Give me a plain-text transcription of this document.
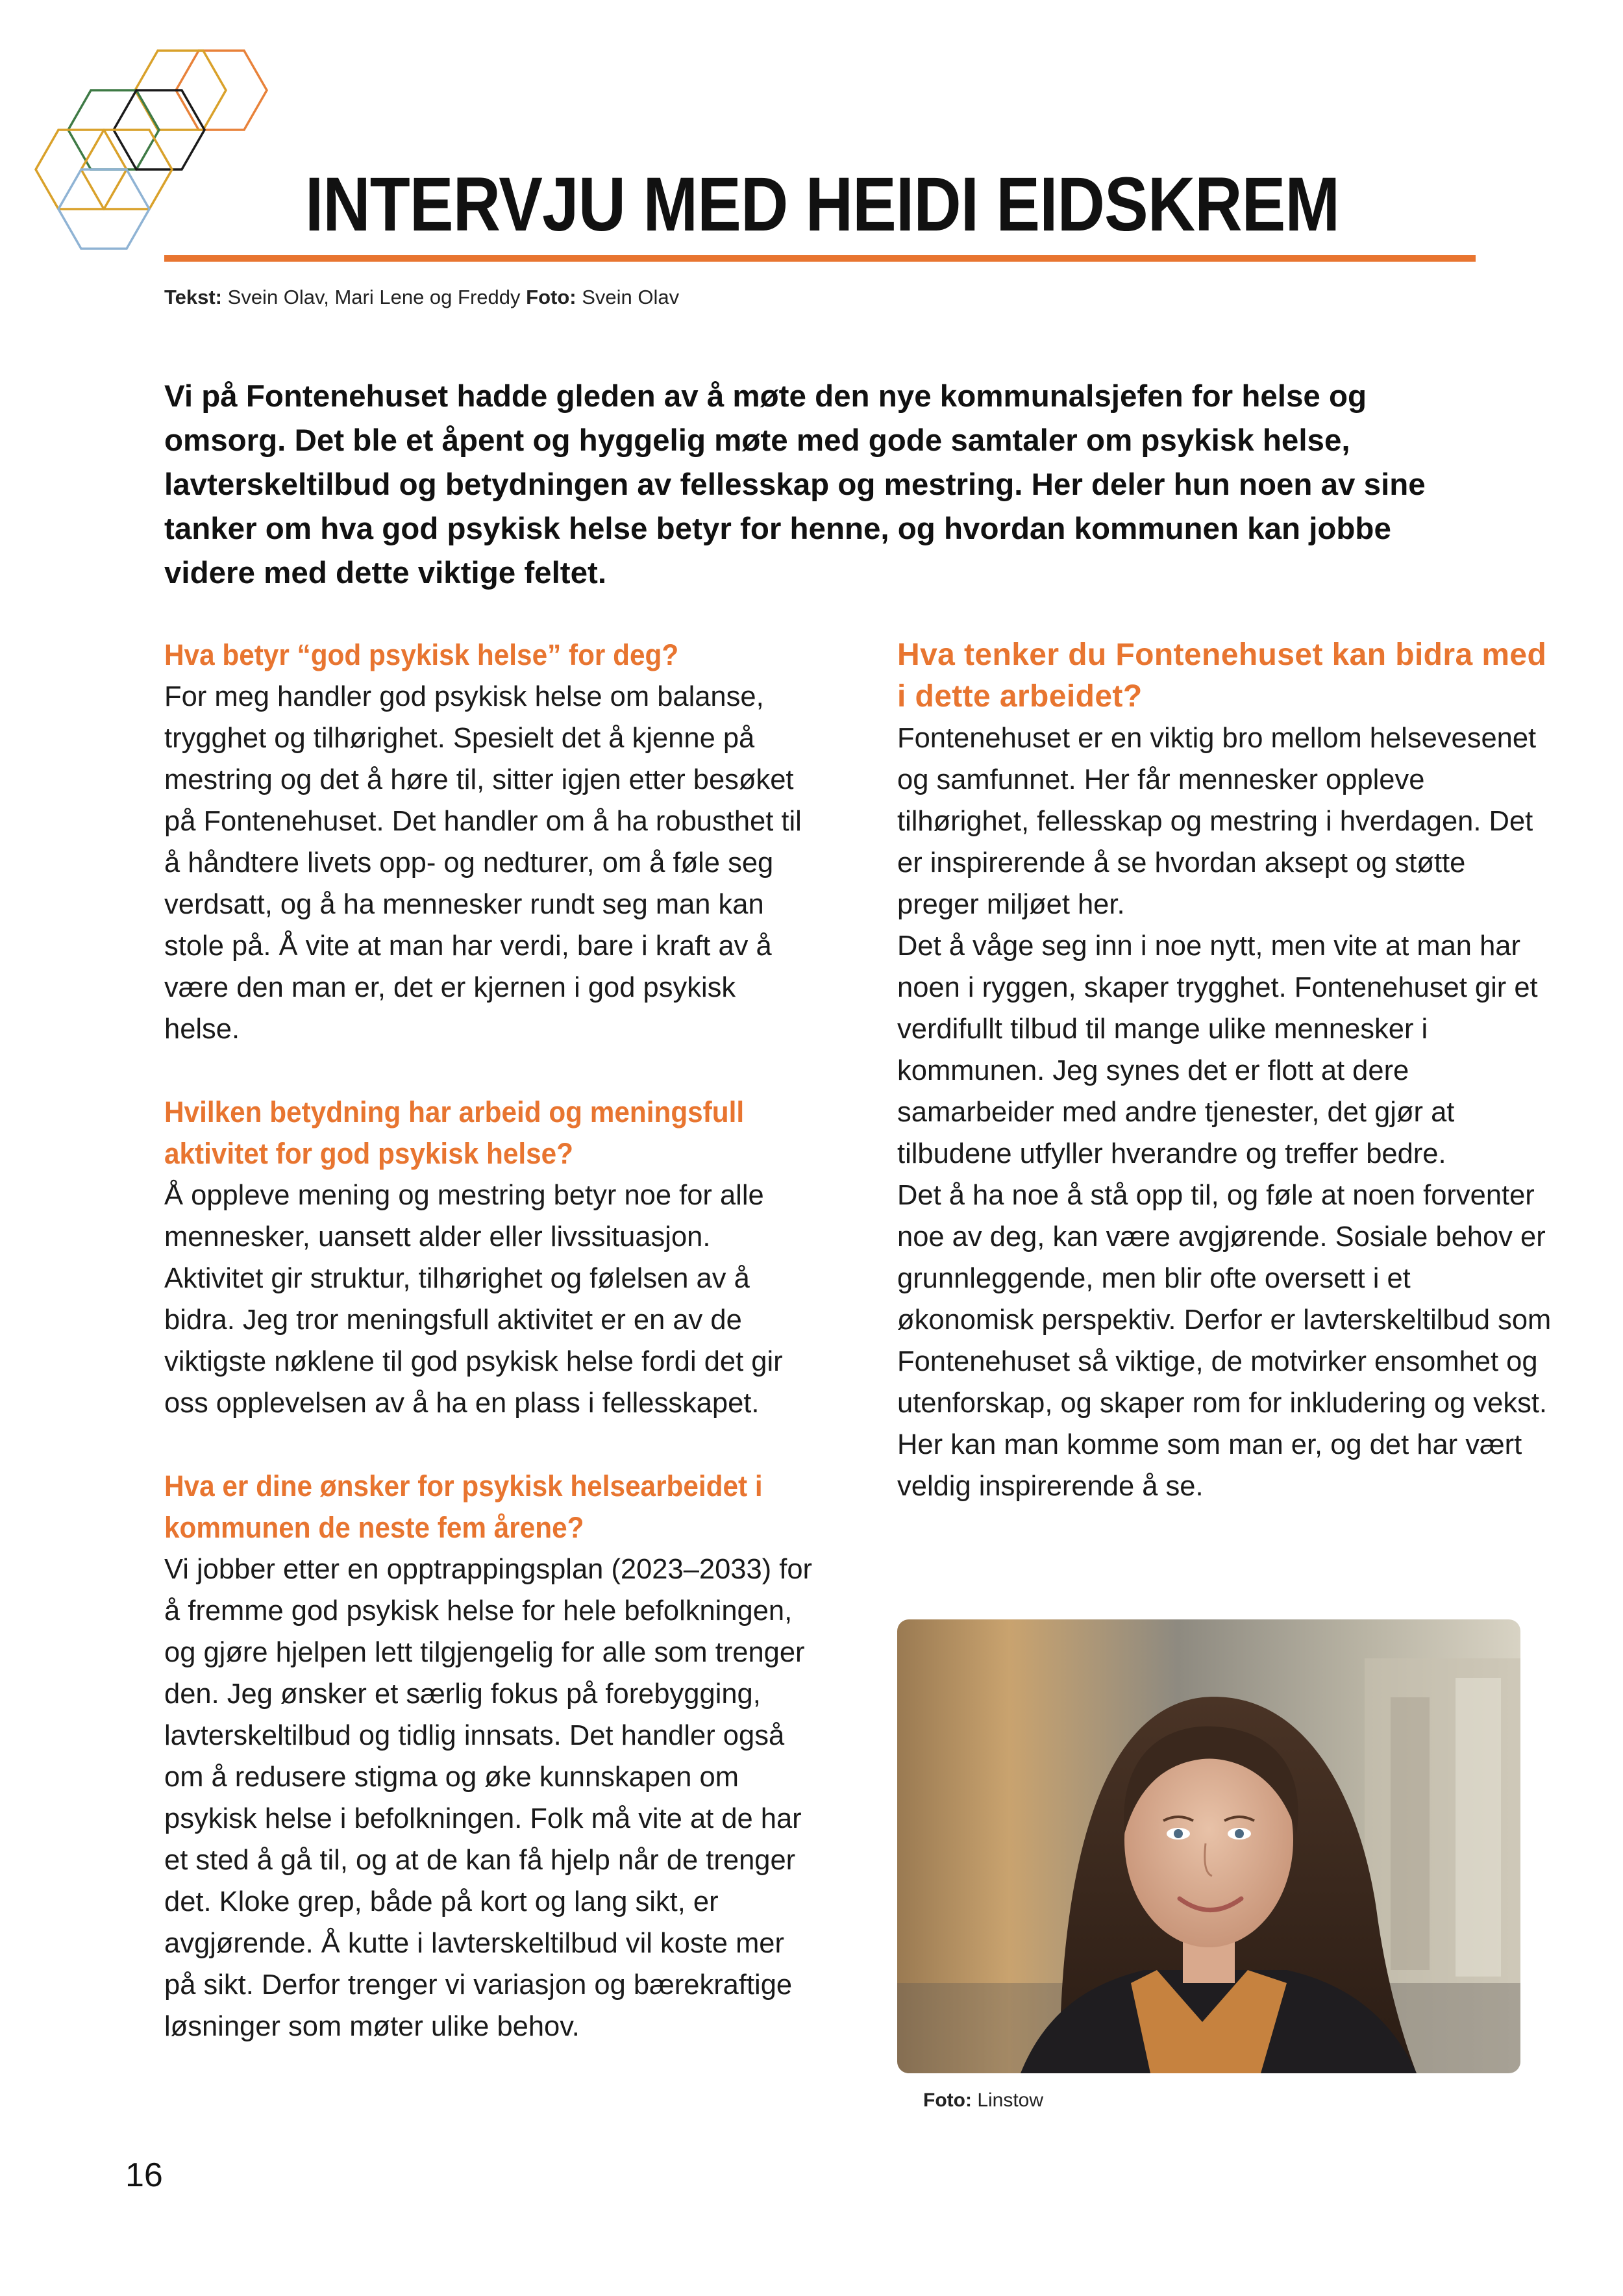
INTERVJU MED HEIDI EIDSKREM
Tekst: Svein Olav, Mari Lene og Freddy Foto: Svein Olav

Vi på Fontenehuset hadde gleden av å møte den nye kommunalsjefen for helse og omsorg. Det ble et åpent og hyggelig møte med gode samtaler om psykisk helse, lavterskeltilbud og betydningen av fellesskap og mestring. Her deler hun noen av sine tanker om hva god psykisk helse betyr for henne, og hvordan kommunen kan jobbe videre med dette viktige feltet.

Hva betyr “god psykisk helse” for deg?

For meg handler god psykisk helse om balanse, trygghet og tilhørighet. Spesielt det å kjenne på mestring og det å høre til, sitter igjen etter besøket på Fontenehuset. Det handler om å ha robusthet til å håndtere livets opp- og nedturer, om å føle seg verdsatt, og å ha mennesker rundt seg man kan stole på. Å vite at man har verdi, bare i kraft av å være den man er, det er kjernen i god psykisk helse.

Hvilken betydning har arbeid og meningsfull aktivitet for god psykisk helse?

Å oppleve mening og mestring betyr noe for alle mennesker, uansett alder eller livssituasjon. Aktivitet gir struktur, tilhørighet og følelsen av å bidra. Jeg tror meningsfull aktivitet er en av de viktigste nøklene til god psykisk helse fordi det gir oss opplevelsen av å ha en plass i fellesskapet.

Hva er dine ønsker for psykisk helsearbeidet i kommunen de neste fem årene?

Vi jobber etter en opptrappingsplan (2023–2033) for å fremme god psykisk helse for hele befolkningen, og gjøre hjelpen lett tilgjengelig for alle som trenger den. Jeg ønsker et særlig fokus på forebygging, lavterskeltilbud og tidlig innsats. Det handler også om å redusere stigma og øke kunnskapen om psykisk helse i befolkningen. Folk må vite at de har et sted å gå til, og at de kan få hjelp når de trenger det. Kloke grep, både på kort og lang sikt, er avgjørende. Å kutte i lavterskeltilbud vil koste mer på sikt. Derfor trenger vi variasjon og bærekraftige løsninger som møter ulike behov.

Hva tenker du Fontenehuset kan bidra med i dette arbeidet?

Fontenehuset er en viktig bro mellom helsevesenet og samfunnet. Her får mennesker oppleve tilhørighet, fellesskap og mestring i hverdagen. Det er inspirerende å se hvordan aksept og støtte preger miljøet her.

Det å våge seg inn i noe nytt, men vite at man har noen i ryggen, skaper trygghet. Fontenehuset gir et verdifullt tilbud til mange ulike mennesker i kommunen. Jeg synes det er flott at dere samarbeider med andre tjenester, det gjør at tilbudene utfyller hverandre og treffer bedre.

Det å ha noe å stå opp til, og føle at noen forventer noe av deg, kan være avgjørende. Sosiale behov er grunnleggende, men blir ofte oversett i et økonomisk perspektiv. Derfor er lavterskeltilbud som Fontenehuset så viktige, de motvirker ensomhet og utenforskap, og skaper rom for inkludering og vekst. Her kan man komme som man er, og det har vært veldig inspirerende å se.

Foto: Linstow
16
